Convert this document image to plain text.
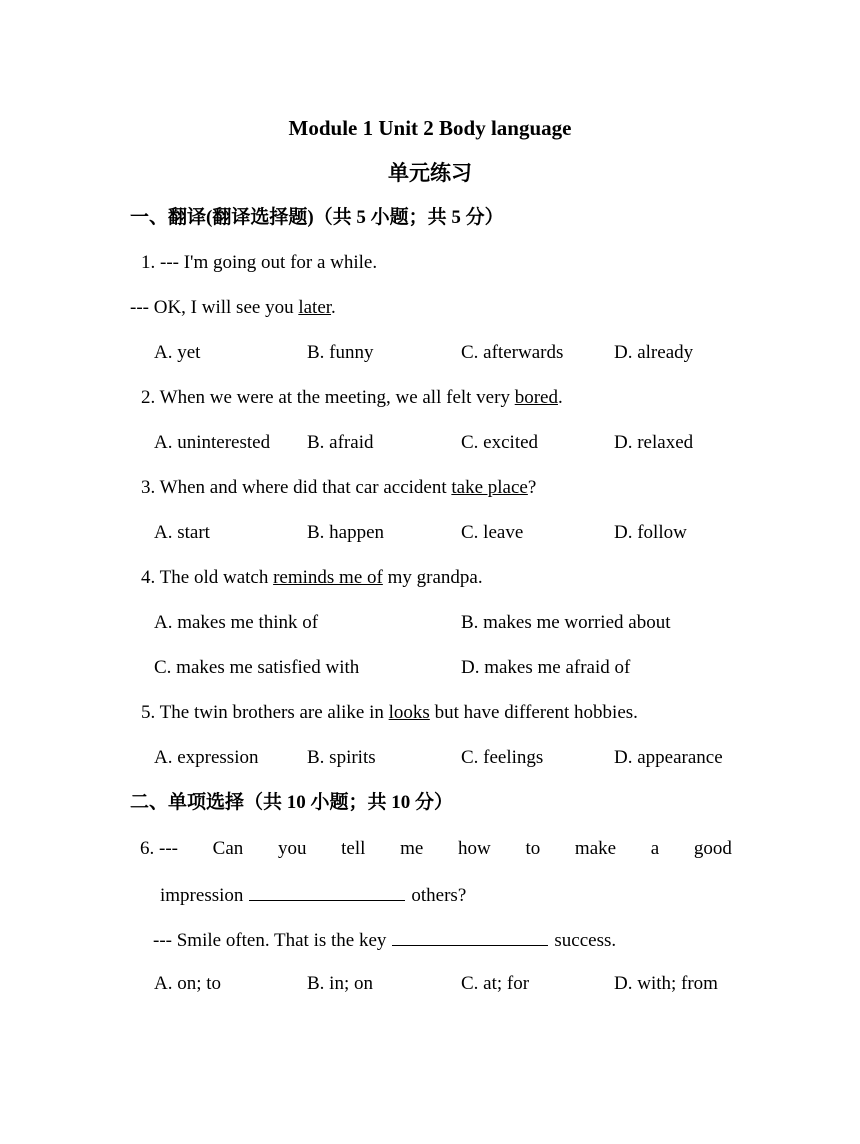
Module 1 Unit 2 Body language
单元练习
一、翻译(翻译选择题)（共 5 小题；共 5 分）
1. --- I'm going out for a while.
--- OK, I will see you later.
A. yet	B. funny	C. afterwards	D. already
2. When we were at the meeting, we all felt very bored.
A. uninterested B. afraid	C. excited	D. relaxed
3. When and where did that car accident take place?
A. start	B. happen	C. leave	D. follow
4. The old watch reminds me of my grandpa.
A. makes me think of	B. makes me worried about
C. makes me satisfied with	D. makes me afraid of
5. The twin brothers are alike in looks but have different hobbies.
A. expression	B. spirits	C. feelings	D. appearance
二、单项选择（共 10 小题；共 10 分）
6. --- Can you tell me how to make a good
impression	others?
--- Smile often. That is the key	success.
A. on; to	B. in; on	C. at; for	D. with; from
